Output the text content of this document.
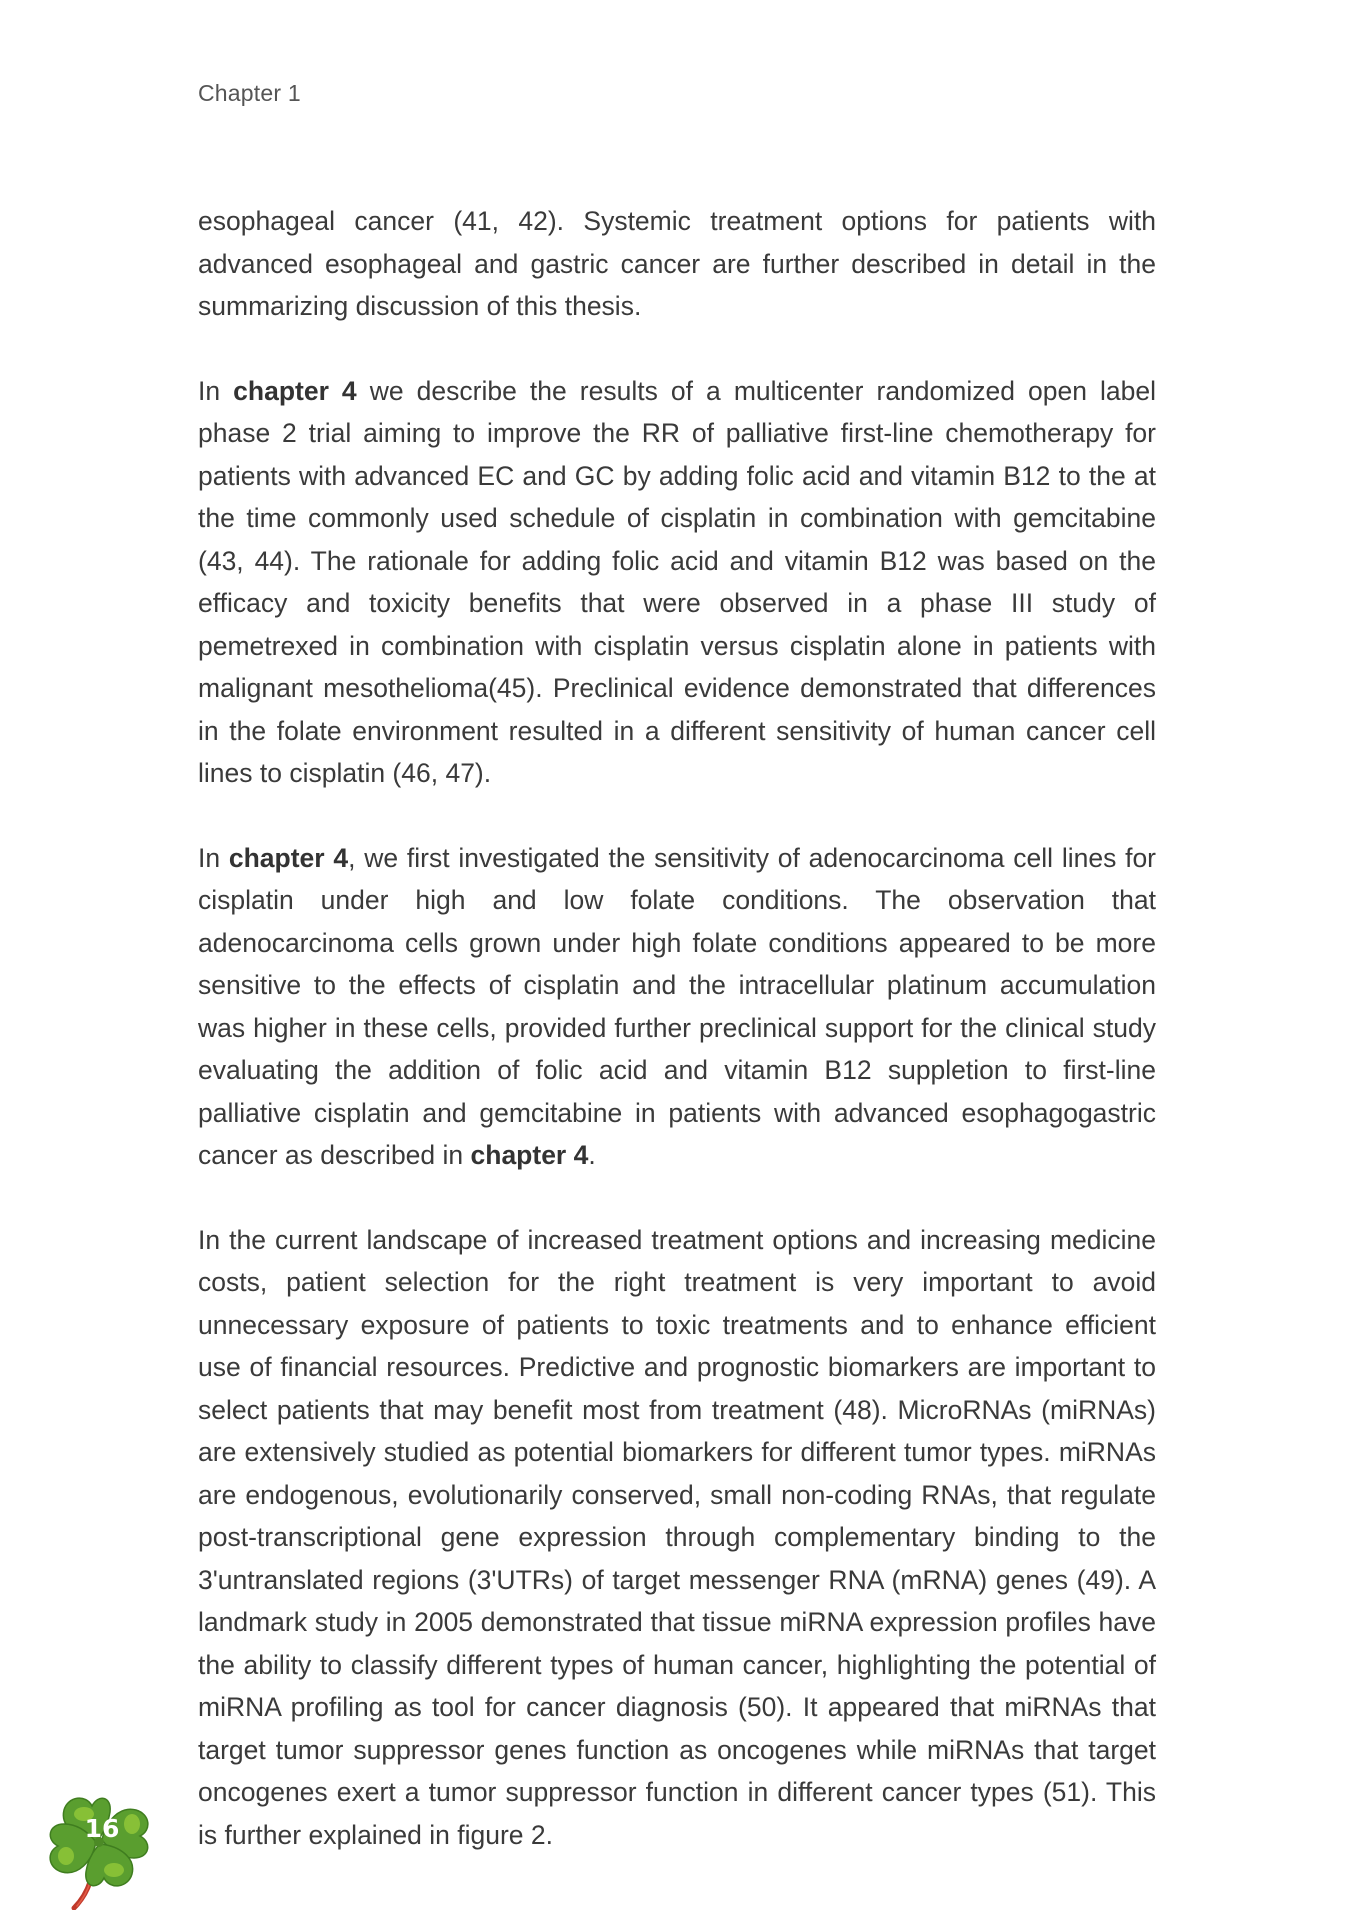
Chapter 1

esophageal cancer (41, 42). Systemic treatment options for patients with advanced esophageal and gastric cancer are further described in detail in the summarizing discussion of this thesis.

In chapter 4 we describe the results of a multicenter randomized open label phase 2 trial aiming to improve the RR of palliative first-line chemotherapy for patients with advanced EC and GC by adding folic acid and vitamin B12 to the at the time commonly used schedule of cisplatin in combination with gemcitabine (43, 44). The rationale for adding folic acid and vitamin B12 was based on the efficacy and toxicity benefits that were observed in a phase III study of pemetrexed in combination with cisplatin versus cisplatin alone in patients with malignant mesothelioma(45). Preclinical evidence demonstrated that differences in the folate environment resulted in a different sensitivity of human cancer cell lines to cisplatin (46, 47).

In chapter 4, we first investigated the sensitivity of adenocarcinoma cell lines for cisplatin under high and low folate conditions. The observation that adenocarcinoma cells grown under high folate conditions appeared to be more sensitive to the effects of cisplatin and the intracellular platinum accumulation was higher in these cells, provided further preclinical support for the clinical study evaluating the addition of folic acid and vitamin B12 suppletion to first-line palliative cisplatin and gemcitabine in patients with advanced esophagogastric cancer as described in chapter 4.

In the current landscape of increased treatment options and increasing medicine costs, patient selection for the right treatment is very important to avoid unnecessary exposure of patients to toxic treatments and to enhance efficient use of financial resources. Predictive and prognostic biomarkers are important to select patients that may benefit most from treatment (48). MicroRNAs (miRNAs) are extensively studied as potential biomarkers for different tumor types. miRNAs are endogenous, evolutionarily conserved, small non-coding RNAs, that regulate post-transcriptional gene expression through complementary binding to the 3'untranslated regions (3'UTRs) of target messenger RNA (mRNA) genes (49). A landmark study in 2005 demonstrated that tissue miRNA expression profiles have the ability to classify different types of human cancer, highlighting the potential of miRNA profiling as tool for cancer diagnosis (50). It appeared that miRNAs that target tumor suppressor genes function as oncogenes while miRNAs that target oncogenes exert a tumor suppressor function in different cancer types (51). This is further explained in figure 2.

16
